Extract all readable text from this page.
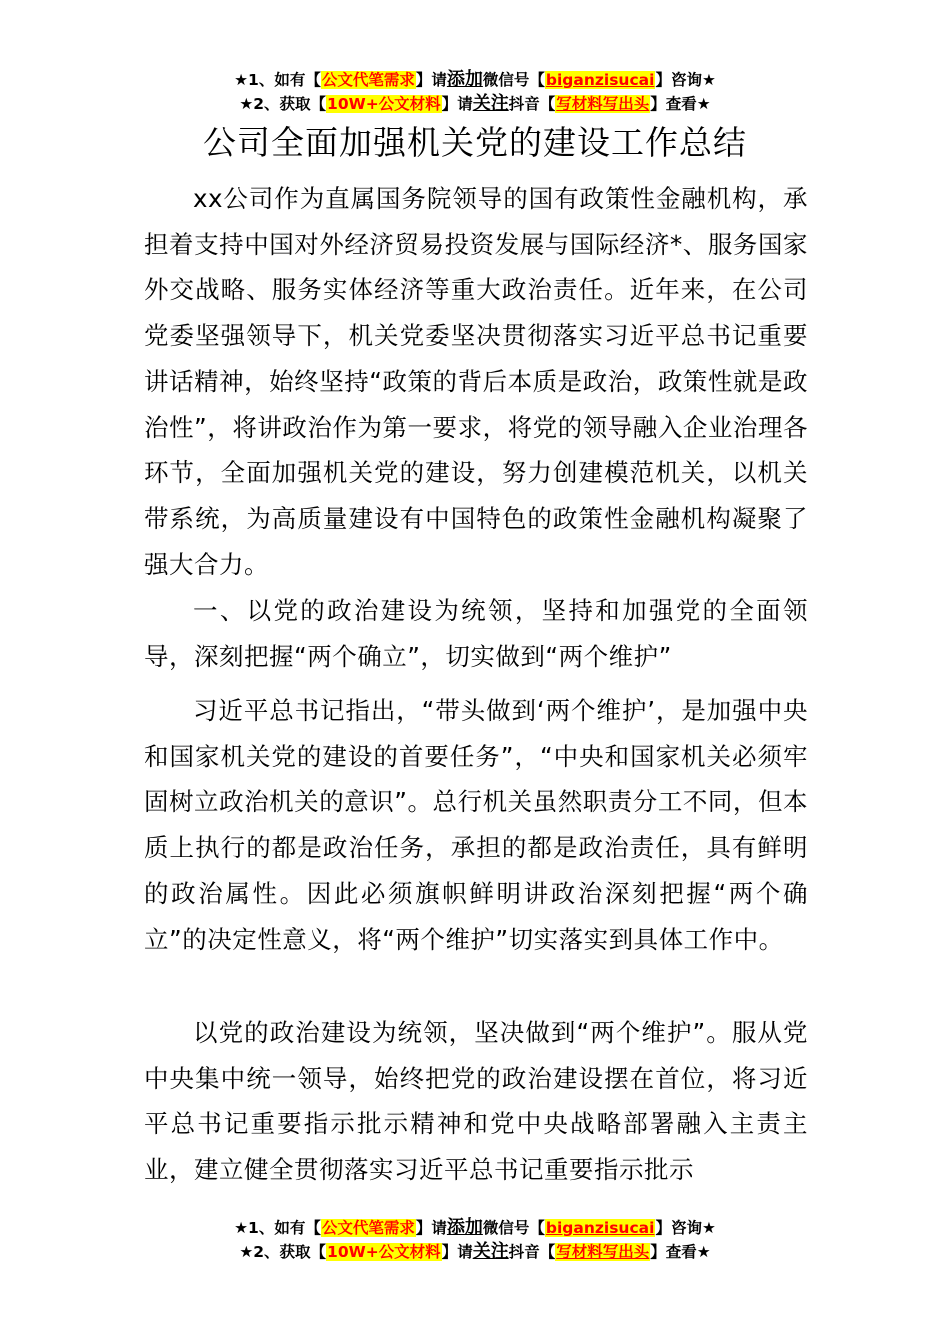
★1、如有【公文代笔需求】请添加微信号【biganzisucai】咨询★
★2、获取【10W+公文材料】请关注抖音【写材料写出头】查看★
公司全面加强机关党的建设工作总结

xx公司作为直属国务院领导的国有政策性金融机构，承担着支持中国对外经济贸易投资发展与国际经济*、服务国家外交战略、服务实体经济等重大政治责任。近年来，在公司党委坚强领导下，机关党委坚决贯彻落实习近平总书记重要讲话精神，始终坚持“政策的背后本质是政治，政策性就是政治性”，将讲政治作为第一要求，将党的领导融入企业治理各环节，全面加强机关党的建设，努力创建模范机关，以机关带系统，为高质量建设有中国特色的政策性金融机构凝聚了强大合力。

一、以党的政治建设为统领，坚持和加强党的全面领导，深刻把握“两个确立”，切实做到“两个维护”

习近平总书记指出，“带头做到‘两个维护’，是加强中央和国家机关党的建设的首要任务”，“中央和国家机关必须牢固树立政治机关的意识”。总行机关虽然职责分工不同，但本质上执行的都是政治任务，承担的都是政治责任，具有鲜明的政治属性。因此必须旗帜鲜明讲政治深刻把握“两个确立”的决定性意义，将“两个维护”切实落实到具体工作中。

以党的政治建设为统领，坚决做到“两个维护”。服从党中央集中统一领导，始终把党的政治建设摆在首位，将习近平总书记重要指示批示精神和党中央战略部署融入主责主业，建立健全贯彻落实习近平总书记重要指示批示

★1、如有【公文代笔需求】请添加微信号【biganzisucai】咨询★
★2、获取【10W+公文材料】请关注抖音【写材料写出头】查看★
